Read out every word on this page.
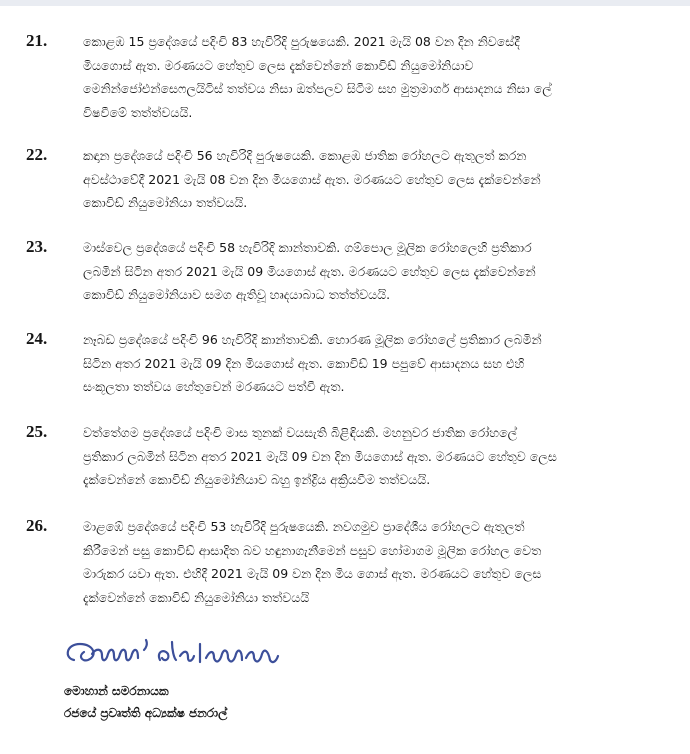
21.	කොළඹ 15 ප්‍රදේශයේ පදිංචි 83 හැවිරිදි පුරුෂයෙකි. 2021 මැයි 08 වන දින නිවසේදී
මියගොස් ඇත. මරණයට හේතුව ලෙස දැක්වෙන්නේ කොවිඩ් නියුමෝනියාව
මෙනින්ජෝඑන්සෙෆලයිටිස් තත්වය නිසා ඔත්පලව සිටීම සහ මුත්‍රමාර්ග ආසාදනය නිසා ලේ
විෂවීමේ තත්ත්වයයි.
22.	කඳාන ප්‍රදේශයේ පදිංචි 56 හැවිරිදි පුරුෂයෙකි. කොළඹ ජාතික රෝහලට ඇතුලත් කරන
අවස්ථාවේදී 2021 මැයි 08 වන දින මියගොස් ඇත. මරණයට හේතුව ලෙස දැක්වෙන්නේ
කොවිඩ් නියුමෝනියා තත්වයයි.
23.	මාස්වෙල ප්‍රදේශයේ පදිංචි 58 හැවිරිදි කාන්තාවකි. ගම්පොල මූලික රෝහලෙහි ප්‍රතිකාර
ලබමින් සිටින අතර 2021 මැයි 09 මියගොස් ඇත. මරණයට හේතුව ලෙස දැක්වෙන්නේ
කොවිඩ් නියුමෝනියාව සමග ඇතිවූ හෘදයාබාධ තත්ත්වයයි.
24.	නෑබඩ ප්‍රදේශයේ පදිංචි 96 හැවිරිදි කාන්තාවකි. හොරණ මූලික රෝහලේ ප්‍රතිකාර ලබමින්
සිටින අතර 2021 මැයි 09 දින මියගොස් ඇත. කොවිඩ් 19 පපුවේ ආසාදනය සහ එහි
සංකූලතා තත්වය හේතුවෙන් මරණයට පත්වී ඇත.
25.	වත්තේගම ප්‍රදේශයේ පදිංචි මාස තුනක් වයසැති බිළිඳියකි. මහනුවර ජාතික රෝහලේ
ප්‍රතිකාර ලබමින් සිටින අතර 2021 මැයි 09 වන දින මියගොස් ඇත. මරණයට හේතුව ලෙස
දැක්වෙන්නේ කොවිඩ් නියුමෝනියාව බහු ඉන්ද්‍රිය අක්‍රියවීම තත්වයයි.
26.	මාළඹේ ප්‍රදේශයේ පදිංචි 53 හැවිරිදි පුරුෂයෙකි. නවගමුව ප්‍රාදේශීය රෝහලට ඇතුලත්
කිරීමෙන් පසු කොවිඩ් ආසාදිත බව හඳුනාගැනීමෙන් පසුව හෝමාගම මූලික රෝහල වෙත
මාරුකර යවා ඇත. එහිදී 2021 මැයි 09 වන දින මිය ගොස් ඇත. මරණයට හේතුව ලෙස
දැක්වෙන්නේ කොවිඩ් නියුමෝනියා තත්වයයි
මොහාන් සමරනායක
රජයේ ප්‍රවෘත්ති අධ්‍යක්ෂ ජනරාල්
